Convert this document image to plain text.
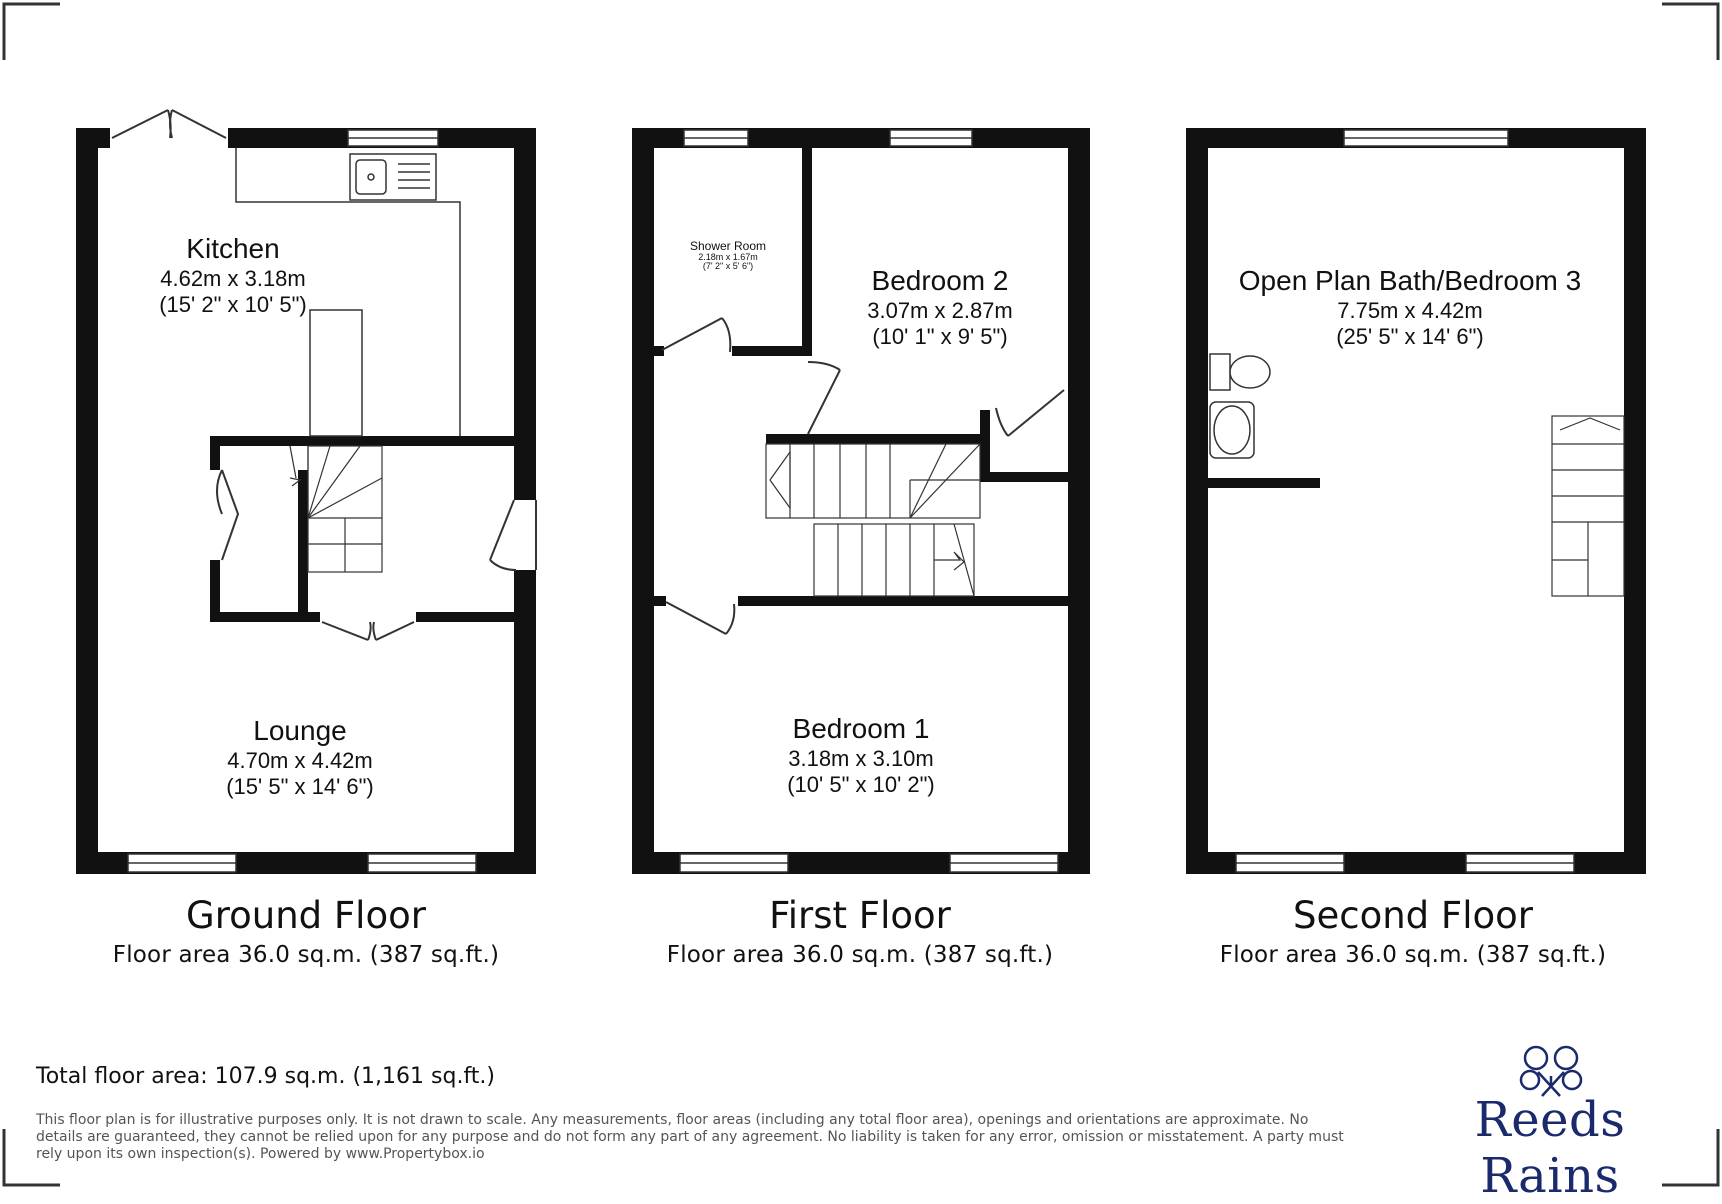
Kitchen
4.62m x 3.18m
(15' 2" x 10' 5")
Lounge
4.70m x 4.42m
(15' 5" x 14' 6")
Shower Room
2.18m x 1.67m
(7' 2" x 5' 6")	Bedroom 2
3.07m x 2.87m
(10' 1" x 9' 5")
Bedroom 1
3.18m x 3.10m
(10' 5" x 10' 2")
Open Plan Bath/Bedroom 3
7.75m x 4.42m
(25' 5" x 14' 6")
Ground Floor
Floor area 36.0 sq.m. (387 sq.ft.)
First Floor
Floor area 36.0 sq.m. (387 sq.ft.)
Second Floor
Floor area 36.0 sq.m. (387 sq.ft.)
Total floor area: 107.9 sq.m. (1,161 sq.ft.)
This floor plan is for illustrative purposes only. It is not drawn to scale. Any measurements, floor areas (including any total floor area), openings and orientations are approximate. No details are guaranteed, they cannot be relied upon for any purpose and do not form any part of any agreement. No liability is taken for any error, omission or misstatement. A party must rely upon its own inspection(s). Powered by www.Propertybox.io
Reeds Rains
